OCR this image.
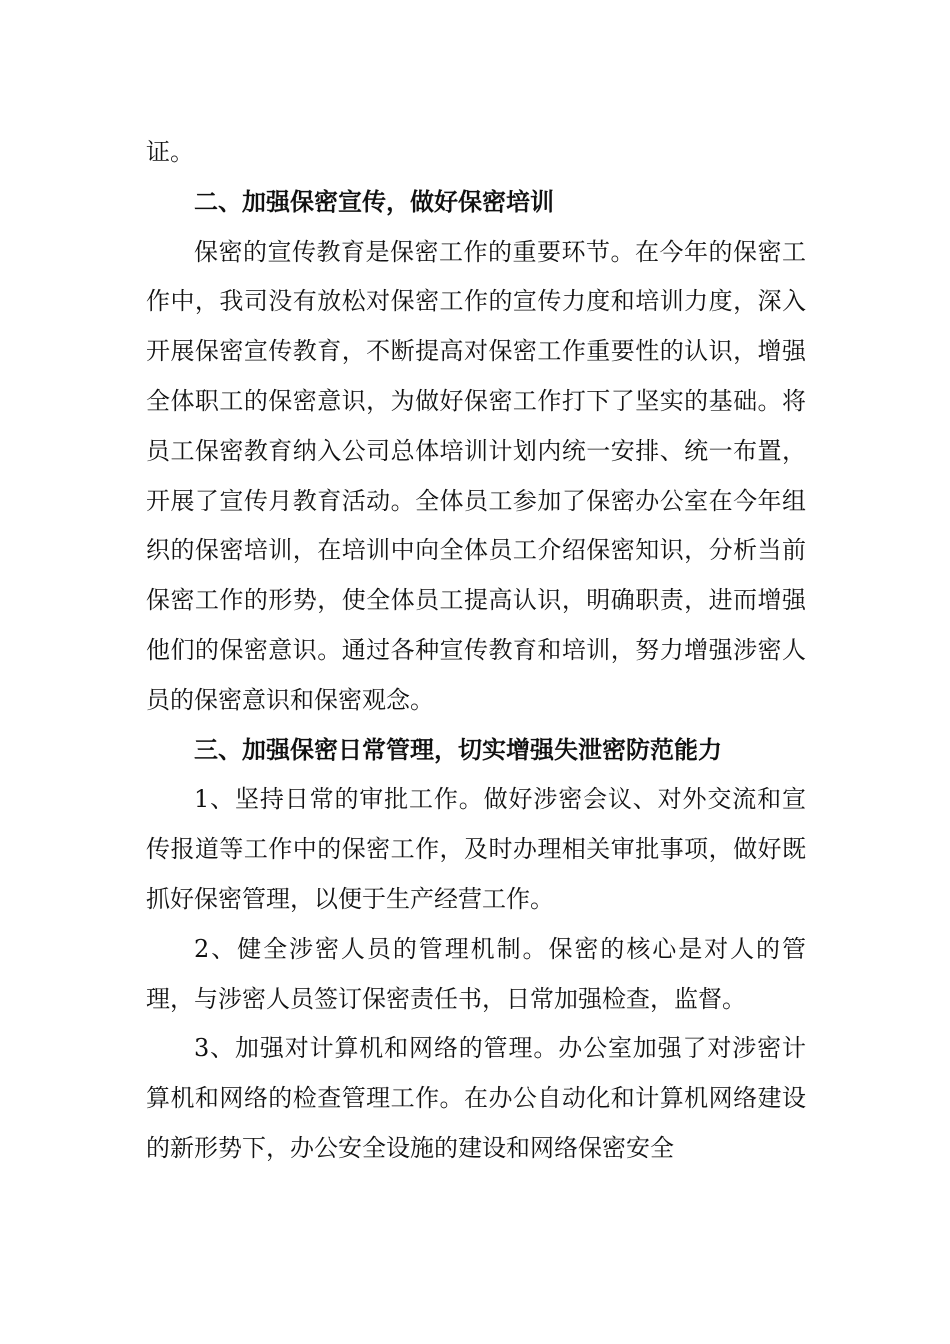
证。

二、加强保密宣传，做好保密培训

保密的宣传教育是保密工作的重要环节。在今年的保密工作中，我司没有放松对保密工作的宣传力度和培训力度，深入开展保密宣传教育，不断提高对保密工作重要性的认识，增强全体职工的保密意识，为做好保密工作打下了坚实的基础。将员工保密教育纳入公司总体培训计划内统一安排、统一布置，开展了宣传月教育活动。全体员工参加了保密办公室在今年组织的保密培训，在培训中向全体员工介绍保密知识，分析当前保密工作的形势，使全体员工提高认识，明确职责，进而增强他们的保密意识。通过各种宣传教育和培训，努力增强涉密人员的保密意识和保密观念。

三、加强保密日常管理，切实增强失泄密防范能力

1、坚持日常的审批工作。做好涉密会议、对外交流和宣传报道等工作中的保密工作，及时办理相关审批事项，做好既抓好保密管理，以便于生产经营工作。

2、健全涉密人员的管理机制。保密的核心是对人的管理，与涉密人员签订保密责任书，日常加强检查，监督。

3、加强对计算机和网络的管理。办公室加强了对涉密计算机和网络的检查管理工作。在办公自动化和计算机网络建设的新形势下，办公安全设施的建设和网络保密安全
